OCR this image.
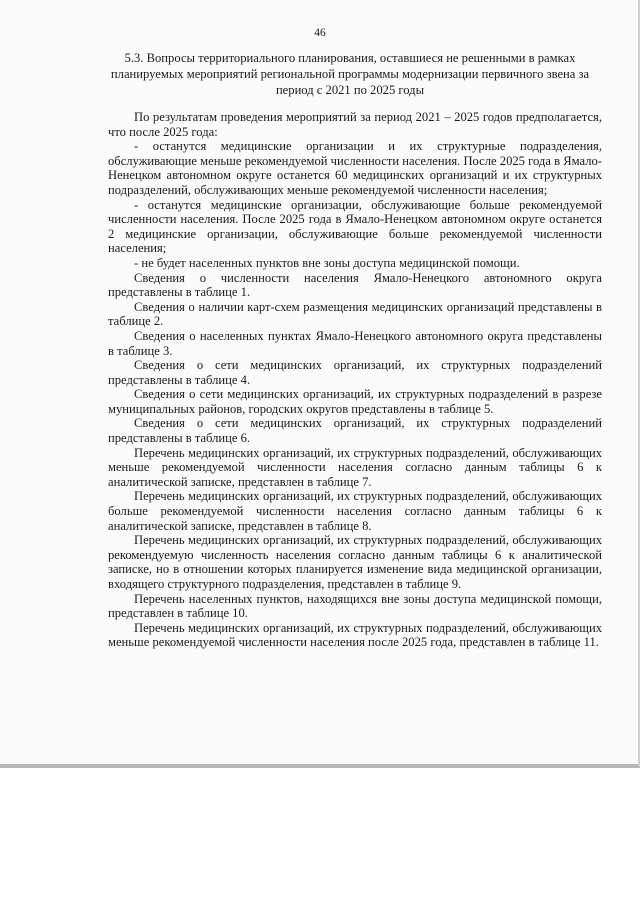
46
5.3. Вопросы территориального планирования, оставшиеся не решенными в рамках планируемых мероприятий региональной программы модернизации первичного звена за период с 2021 по 2025 годы

По результатам проведения мероприятий за период 2021 – 2025 годов предполагается, что после 2025 года:

- останутся медицинские организации и их структурные подразделения, обслуживающие меньше рекомендуемой численности населения. После 2025 года в Ямало-Ненецком автономном округе останется 60 медицинских организаций и их структурных подразделений, обслуживающих меньше рекомендуемой численности населения;

- останутся медицинские организации, обслуживающие больше рекомендуемой численности населения. После 2025 года в Ямало-Ненецком автономном округе останется 2 медицинские организации, обслуживающие больше рекомендуемой численности населения;

- не будет населенных пунктов вне зоны доступа медицинской помощи.

Сведения о численности населения Ямало-Ненецкого автономного округа представлены в таблице 1.

Сведения о наличии карт-схем размещения медицинских организаций представлены в таблице 2.

Сведения о населенных пунктах Ямало-Ненецкого автономного округа представлены в таблице 3.

Сведения о сети медицинских организаций, их структурных подразделений представлены в таблице 4.

Сведения о сети медицинских организаций, их структурных подразделений в разрезе муниципальных районов, городских округов представлены в таблице 5.

Сведения о сети медицинских организаций, их структурных подразделений представлены в таблице 6.

Перечень медицинских организаций, их структурных подразделений, обслуживающих меньше рекомендуемой численности населения согласно данным таблицы 6 к аналитической записке, представлен в таблице 7.

Перечень медицинских организаций, их структурных подразделений, обслуживающих больше рекомендуемой численности населения согласно данным таблицы 6 к аналитической записке, представлен в таблице 8.

Перечень медицинских организаций, их структурных подразделений, обслуживающих рекомендуемую численность населения согласно данным таблицы 6 к аналитической записке, но в отношении которых планируется изменение вида медицинской организации, входящего структурного подразделения, представлен в таблице 9.

Перечень населенных пунктов, находящихся вне зоны доступа медицинской помощи, представлен в таблице 10.

Перечень медицинских организаций, их структурных подразделений, обслуживающих меньше рекомендуемой численности населения после 2025 года, представлен в таблице 11.
